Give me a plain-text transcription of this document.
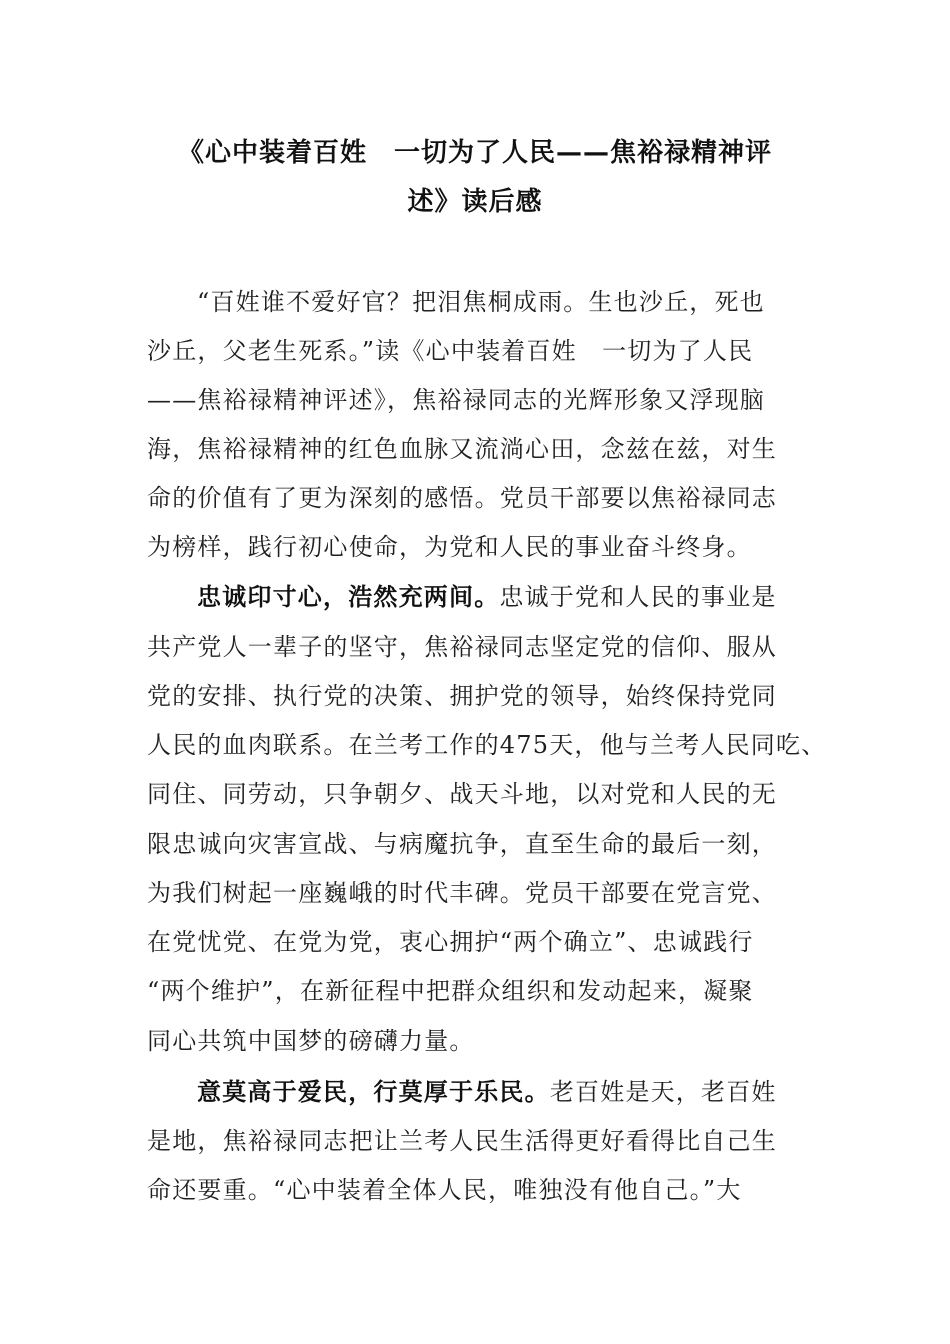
《心中装着百姓　一切为了人民——焦裕禄精神评
述》读后感
“百姓谁不爱好官？把泪焦桐成雨。生也沙丘，死也
沙丘，父老生死系。”读《心中装着百姓　一切为了人民
——焦裕禄精神评述》，焦裕禄同志的光辉形象又浮现脑
海，焦裕禄精神的红色血脉又流淌心田，念兹在兹，对生
命的价值有了更为深刻的感悟。党员干部要以焦裕禄同志
为榜样，践行初心使命，为党和人民的事业奋斗终身。
忠诚印寸心，浩然充两间。忠诚于党和人民的事业是
共产党人一辈子的坚守，焦裕禄同志坚定党的信仰、服从
党的安排、执行党的决策、拥护党的领导，始终保持党同
人民的血肉联系。在兰考工作的475天，他与兰考人民同吃、
同住、同劳动，只争朝夕、战天斗地，以对党和人民的无
限忠诚向灾害宣战、与病魔抗争，直至生命的最后一刻，
为我们树起一座巍峨的时代丰碑。党员干部要在党言党、
在党忧党、在党为党，衷心拥护“两个确立”、忠诚践行
“两个维护”，在新征程中把群众组织和发动起来，凝聚
同心共筑中国梦的磅礴力量。
意莫高于爱民，行莫厚于乐民。老百姓是天，老百姓
是地，焦裕禄同志把让兰考人民生活得更好看得比自己生
命还要重。“心中装着全体人民，唯独没有他自己。”大
